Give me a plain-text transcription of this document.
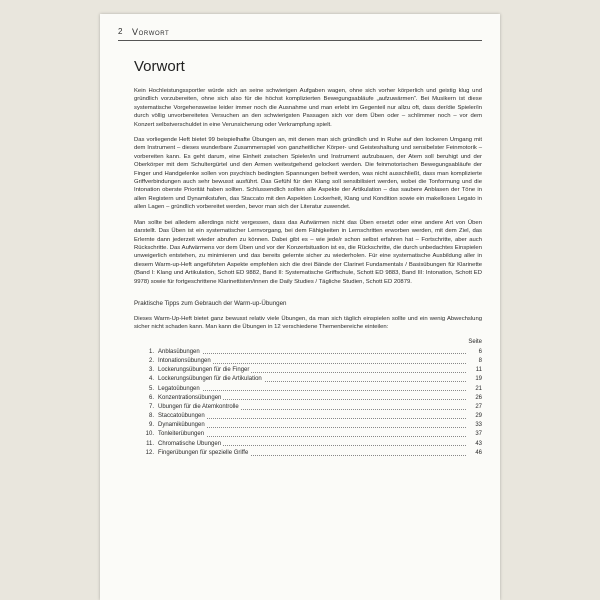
2 Vorwort
Vorwort

Kein Hochleistungssportler würde sich an seine schwierigen Aufgaben wagen, ohne sich vorher körperlich und geistig klug und gründlich vorzubereiten, ohne sich also für die höchst komplizierten Bewegungsabläufe „aufzuwärmen“. Bei Musikern ist diese systematische Vorgehensweise leider immer noch die Ausnahme und man erlebt im Gegenteil nur allzu oft, dass der/die Spieler/in durch völlig unvorbereitetes Versuchen an den schwierigsten Passagen sich vor dem Üben oder – schlimmer noch – vor dem Konzert selbstverschuldet in eine Verunsicherung oder Verkrampfung spielt.

Das vorliegende Heft bietet 99 beispielhafte Übungen an, mit denen man sich gründlich und in Ruhe auf den lockeren Umgang mit dem Instrument – dieses wunderbare Zusammenspiel von ganzheitlicher Körper- und Geisteshaltung und sensibelster Feinmotorik – vorbereiten kann. Es geht darum, eine Einheit zwischen Spieler/in und Instrument aufzubauen, der Atem soll beruhigt und der Oberkörper mit dem Schultergürtel und den Armen weitestgehend gelockert werden. Die feinmotorischen Bewegungsabläufe der Finger und Handgelenke sollen von psychisch bedingten Spannungen befreit werden, was nicht ausschließt, dass man komplizierte Griffverbindungen auch sehr bewusst ausführt. Das Gefühl für den Klang soll sensibilisiert werden, wobei die Tonformung und die Intonation oberste Priorität haben sollten. Schlussendlich sollten alle Aspekte der Artikulation – das saubere Anblasen der Töne in allen Registern und Dynamikstufen, das Staccato mit den Aspekten Lockerheit, Klang und Kondition sowie ein makelloses Legato in allen Lagen – gründlich vorbereitet werden, bevor man sich der Literatur zuwendet.

Man sollte bei alledem allerdings nicht vergessen, dass das Aufwärmen nicht das Üben ersetzt oder eine andere Art von Üben darstellt. Das Üben ist ein systematischer Lernvorgang, bei dem Fähigkeiten in Lernschritten erworben werden, mit dem Ziel, das Erlernte dann jederzeit wieder abrufen zu können. Dabei gibt es – wie jede/r schon selbst erfahren hat – Fortschritte, aber auch Rückschritte. Das Aufwärmens vor dem Üben und vor der Konzertsituation ist es, die Rückschritte, die durch unbedachtes Einspielen unweigerlich entstehen, zu minimieren und das bereits gelernte sicher zu wiederholen. Für eine systematische Ausbildung aller in diesem Warm-up-Heft angeführten Aspekte empfehlen sich die drei Bände der Clarinet Fundamentals / Basisübungen für Klarinette (Band I: Klang und Artikulation, Schott ED 9882, Band II: Systematische Griffschule, Schott ED 9883, Band III: Intonation, Schott ED 9978) sowie für fortgeschrittene Klarinettisten/innen die Daily Studies / Tägliche Studien, Schott ED 20879.

Praktische Tipps zum Gebrauch der Warm-up-Übungen

Dieses Warm-Up-Heft bietet ganz bewusst relativ viele Übungen, da man sich täglich einspielen sollte und ein wenig Abwechslung sicher nicht schaden kann. Man kann die Übungen in 12 verschiedene Themenbereiche einteilen:

Seite
1. Anblasübungen	6
2. Intonationsübungen	8
3. Lockerungsübungen für die Finger	11
4. Lockerungsübungen für die Artikulation	19
5. Legatoübungen	21
6. Konzentrationsübungen	26
7. Übungen für die Atemkontrolle	27
8. Staccatoübungen	29
9. Dynamikübungen	33
10. Tonleiterübungen	37
11. Chromatische Übungen	43
12. Fingerübungen für spezielle Griffe	46
